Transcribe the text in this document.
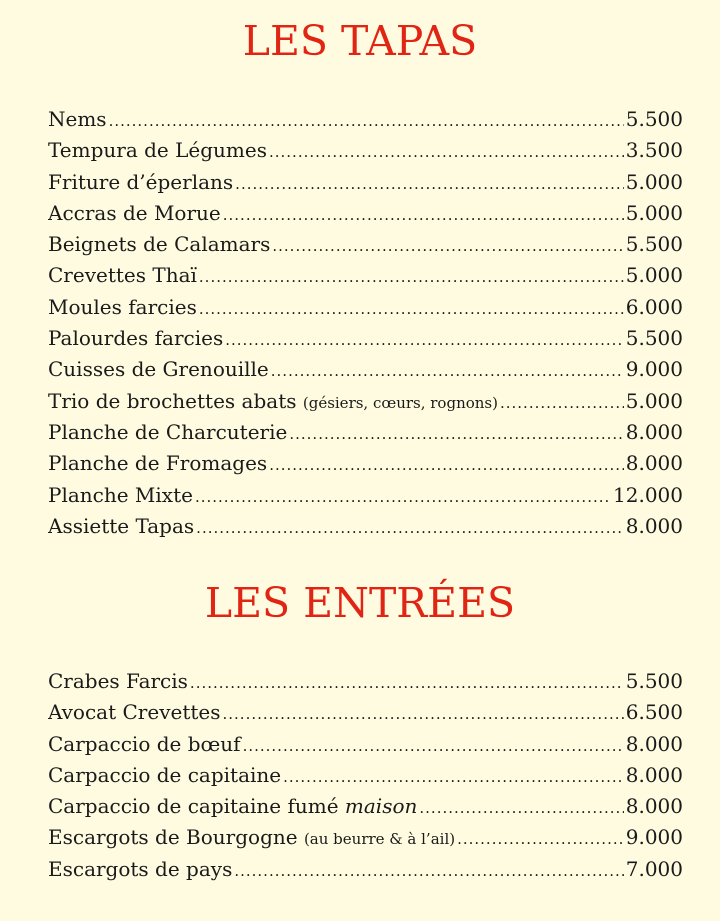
LES TAPAS
Nems .....	5.500
Tempura de Légumes .....	3.500
Friture d’éperlans .....	5.000
Accras de Morue .....	5.000
Beignets de Calamars .....	5.500
Crevettes Thaï .....	5.000
Moules farcies .....	6.000
Palourdes farcies .....	5.500
Cuisses de Grenouille .....	9.000
Trio de brochettes abats (gésiers, cœurs, rognons) .....	5.000
Planche de Charcuterie .....	8.000
Planche de Fromages .....	8.000
Planche Mixte .....	12.000
Assiette Tapas .....	8.000
LES ENTRÉES
Crabes Farcis .....	5.500
Avocat Crevettes .....	6.500
Carpaccio de bœuf .....	8.000
Carpaccio de capitaine .....	8.000
Carpaccio de capitaine fumé maison .....	8.000
Escargots de Bourgogne (au beurre & à l’ail) .....	9.000
Escargots de pays .....	7.000
